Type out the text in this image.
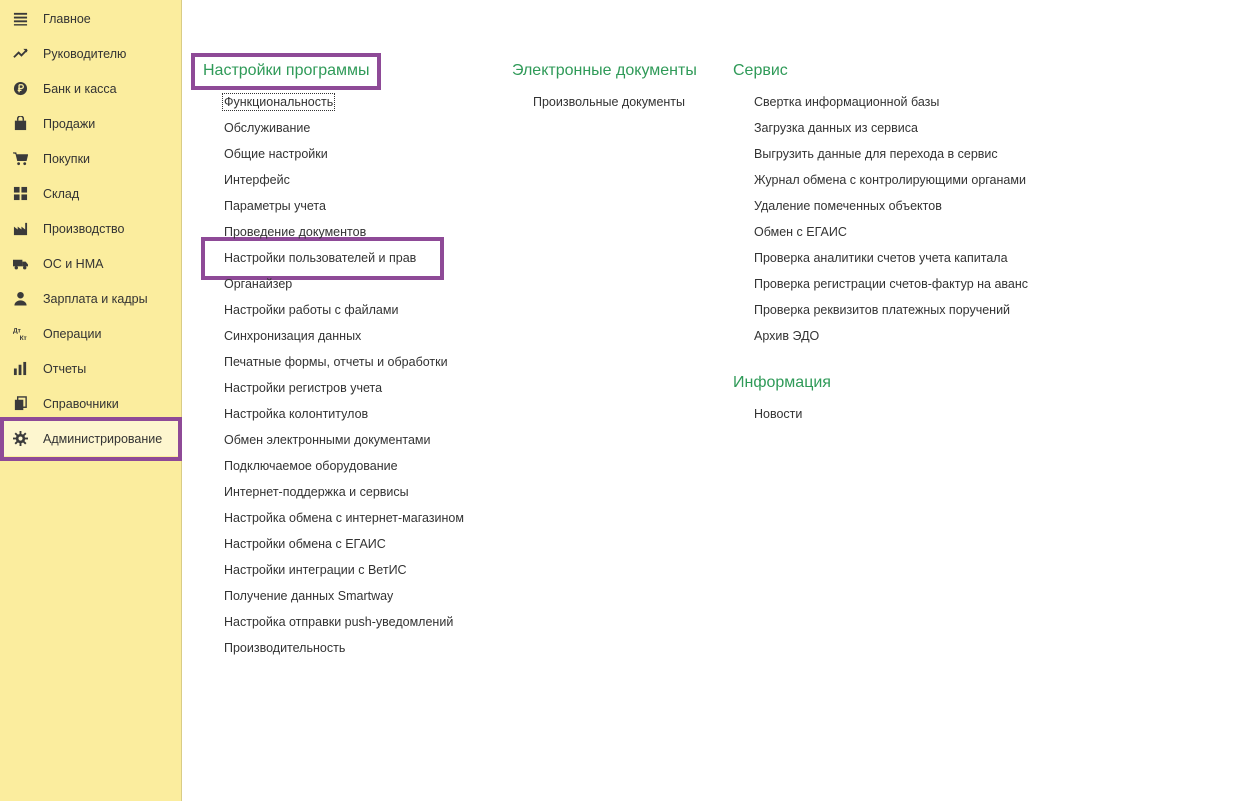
Главное
Руководителю
Банк и касса
Продажи
Покупки
Склад
Производство
ОС и НМА
Зарплата и кадры
Дт
Кт Операции
Отчеты
Справочники
Администрирование
Настройки программы
Функциональность
Обслуживание
Общие настройки
Интерфейс
Параметры учета
Проведение документов
Настройки пользователей и прав
Органайзер
Настройки работы с файлами
Синхронизация данных
Печатные формы, отчеты и обработки
Настройки регистров учета
Настройка колонтитулов
Обмен электронными документами
Подключаемое оборудование
Интернет-поддержка и сервисы
Настройка обмена с интернет-магазином
Настройки обмена с ЕГАИС
Настройки интеграции с ВетИС
Получение данных Smartway
Настройка отправки push-уведомлений
Производительность
Электронные документы
Произвольные документы
Сервис
Свертка информационной базы
Загрузка данных из сервиса
Выгрузить данные для перехода в сервис
Журнал обмена с контролирующими органами
Удаление помеченных объектов
Обмен с ЕГАИС
Проверка аналитики счетов учета капитала
Проверка регистрации счетов-фактур на аванс
Проверка реквизитов платежных поручений
Архив ЭДО
Информация
Новости
